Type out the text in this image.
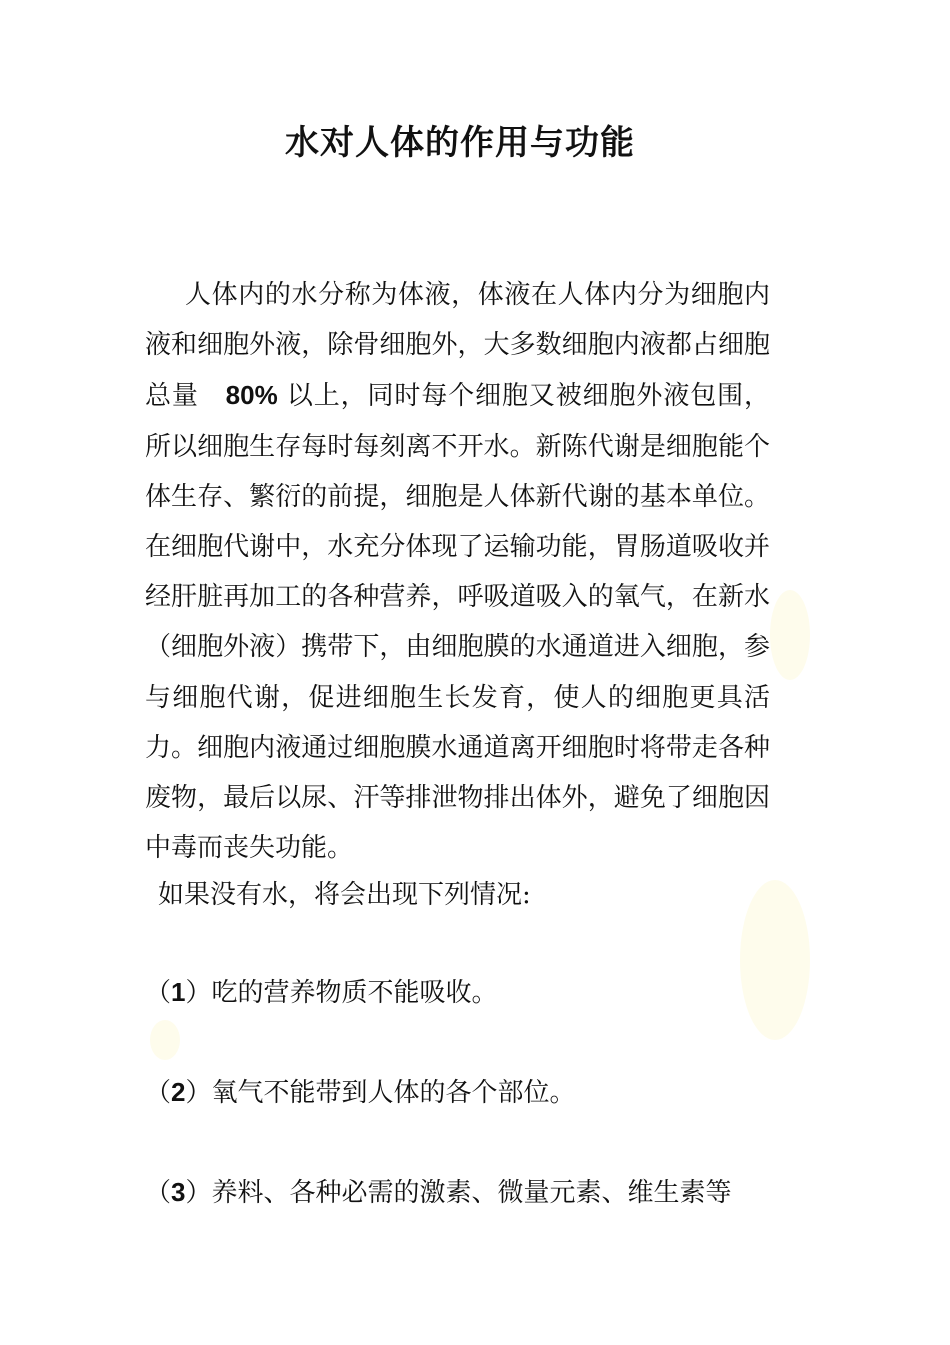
水对人体的作用与功能

人体内的水分称为体液，体液在人体内分为细胞内液和细胞外液，除骨细胞外，大多数细胞内液都占细胞总量　80% 以上，同时每个细胞又被细胞外液包围，所以细胞生存每时每刻离不开水。新陈代谢是细胞能个体生存、繁衍的前提，细胞是人体新代谢的基本单位。在细胞代谢中，水充分体现了运输功能，胃肠道吸收并经肝脏再加工的各种营养，呼吸道吸入的氧气，在新水（细胞外液）携带下，由细胞膜的水通道进入细胞，参与细胞代谢，促进细胞生长发育，使人的细胞更具活力。细胞内液通过细胞膜水通道离开细胞时将带走各种废物，最后以尿、汗等排泄物排出体外，避免了细胞因中毒而丧失功能。

如果没有水，将会出现下列情况:

（1）吃的营养物质不能吸收。

（2）氧气不能带到人体的各个部位。

（3）养料、各种必需的激素、微量元素、维生素等
